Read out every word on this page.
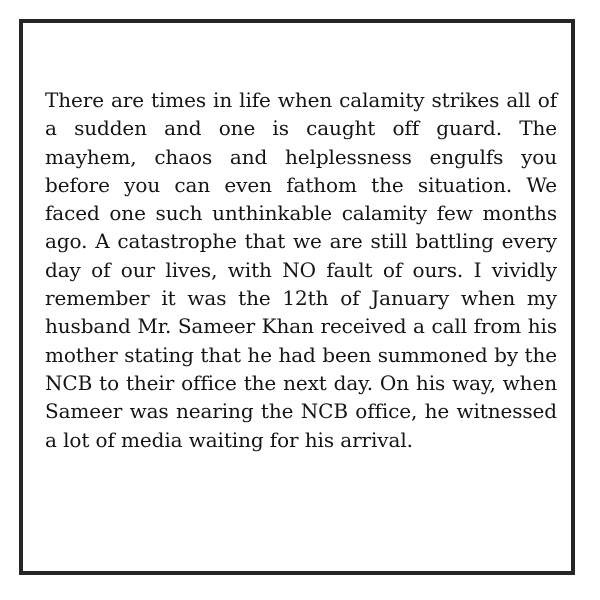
There are times in life when calamity strikes all of a sudden and one is caught off guard. The mayhem, chaos and helplessness engulfs you before you can even fathom the situation. We faced one such unthinkable calamity few months ago. A catastrophe that we are still battling every day of our lives, with NO fault of ours. I vividly remember it was the 12th of January when my husband Mr. Sameer Khan received a call from his mother stating that he had been summoned by the NCB to their office the next day. On his way, when Sameer was nearing the NCB office, he witnessed a lot of media waiting for his arrival.
